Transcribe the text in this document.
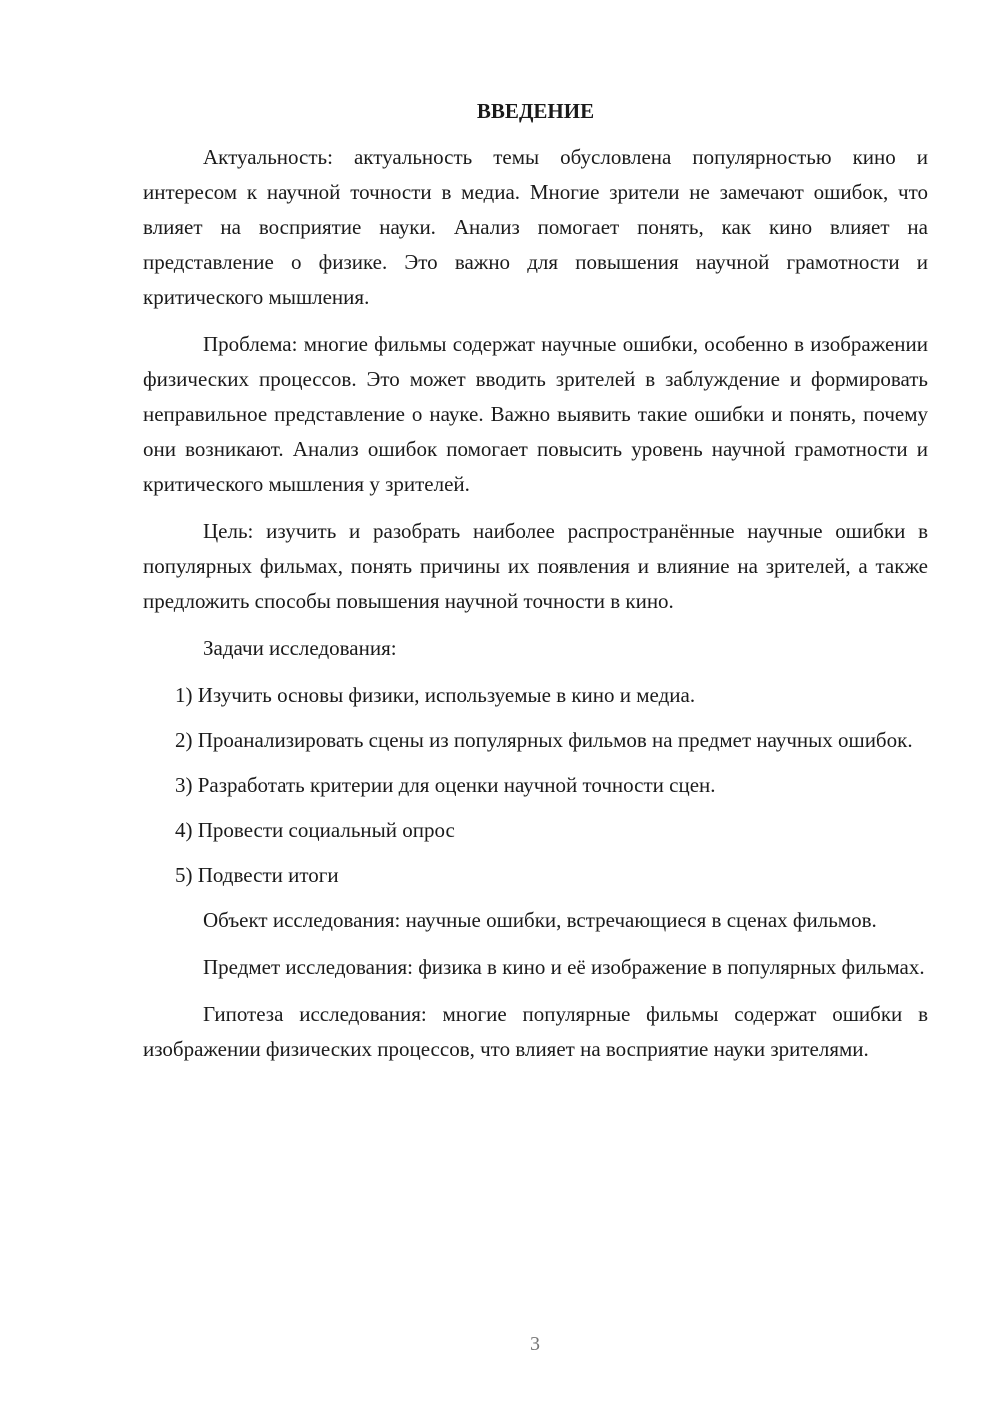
ВВЕДЕНИЕ

Актуальность: актуальность темы обусловлена популярностью кино и интересом к научной точности в медиа. Многие зрители не замечают ошибок, что влияет на восприятие науки. Анализ помогает понять, как кино влияет на представление о физике. Это важно для повышения научной грамотности и критического мышления.

Проблема: многие фильмы содержат научные ошибки, особенно в изображении физических процессов. Это может вводить зрителей в заблуждение и формировать неправильное представление о науке. Важно выявить такие ошибки и понять, почему они возникают. Анализ ошибок помогает повысить уровень научной грамотности и критического мышления у зрителей.

Цель: изучить и разобрать наиболее распространённые научные ошибки в популярных фильмах, понять причины их появления и влияние на зрителей, а также предложить способы повышения научной точности в кино.

Задачи исследования:

1) Изучить основы физики, используемые в кино и медиа.

2) Проанализировать сцены из популярных фильмов на предмет научных ошибок.

3) Разработать критерии для оценки научной точности сцен.

4) Провести социальный опрос

5) Подвести итоги

Объект исследования: научные ошибки, встречающиеся в сценах фильмов.

Предмет исследования: физика в кино и её изображение в популярных фильмах.

Гипотеза исследования: многие популярные фильмы содержат ошибки в изображении физических процессов, что влияет на восприятие науки зрителями.

3
